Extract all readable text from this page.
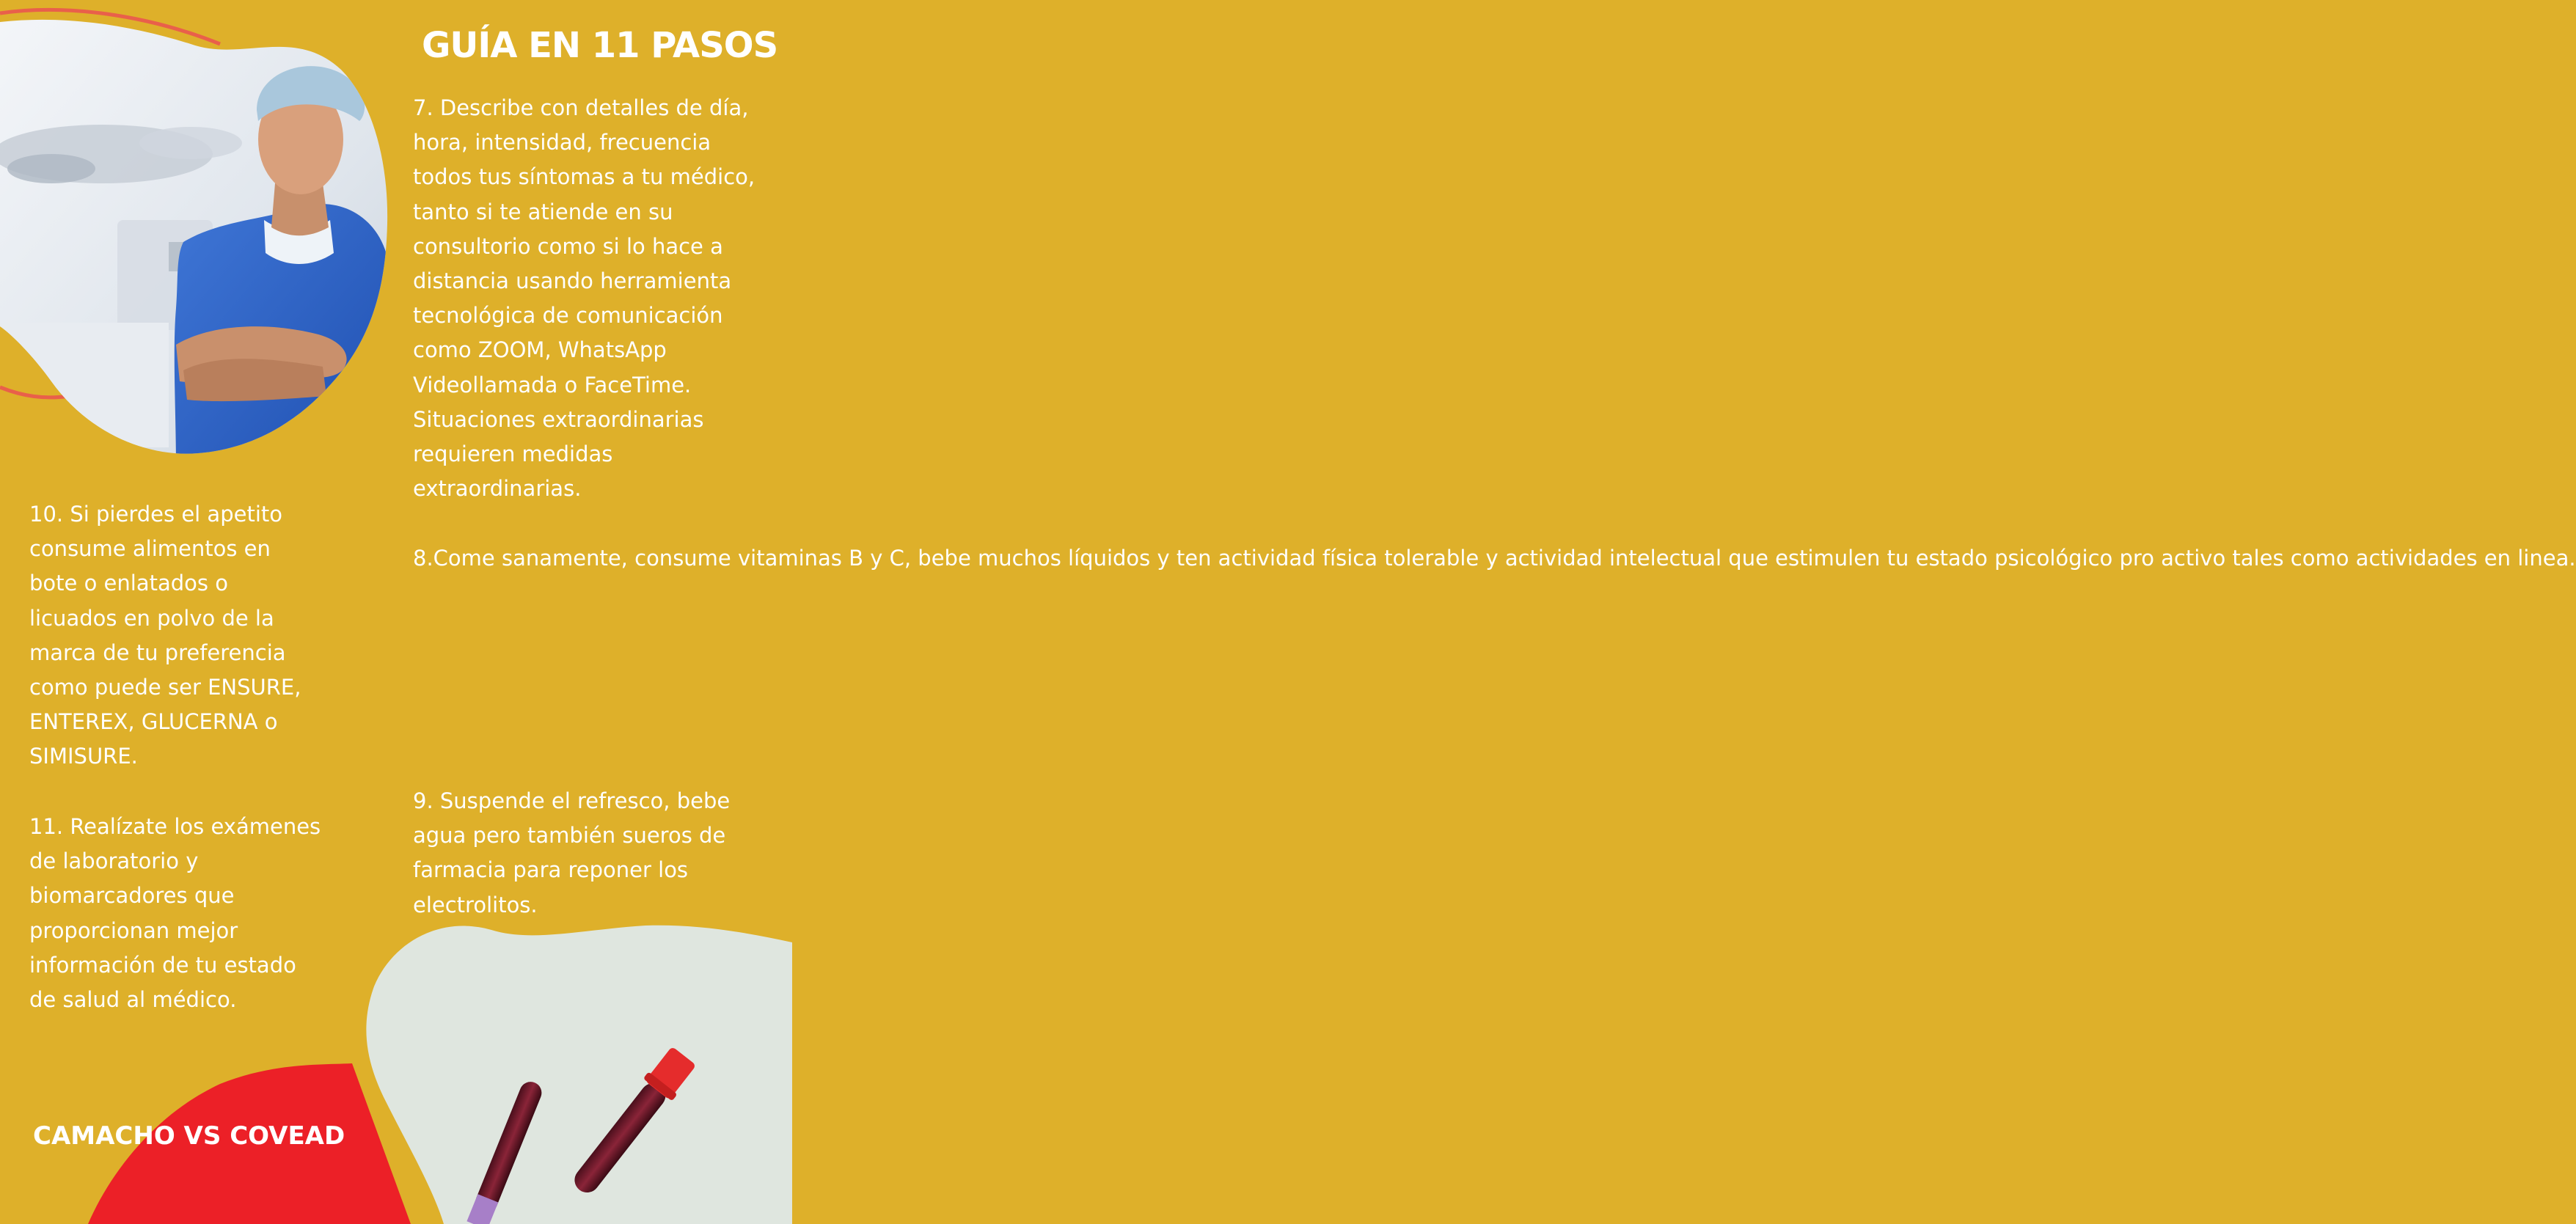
GUÍA EN 11 PASOS

7. Describe con detalles de día,
hora, intensidad, frecuencia
todos tus síntomas a tu médico,
tanto si te atiende en su
consultorio como si lo hace a
distancia usando herramienta
tecnológica de comunicación
como ZOOM, WhatsApp
Videollamada o FaceTime.
Situaciones extraordinarias
requieren medidas
extraordinarias.

8.Come sanamente, consume vitaminas B y C, bebe muchos líquidos y ten actividad física tolerable y actividad intelectual que estimulen tu estado psicológico pro activo tales como actividades en linea.

9. Suspende el refresco, bebe
agua pero también sueros de
farmacia para reponer los
electrolitos.

10. Si pierdes el apetito
consume alimentos en
bote o enlatados o
licuados en polvo de la
marca de tu preferencia
como puede ser ENSURE,
ENTEREX, GLUCERNA o
SIMISURE.

11. Realízate los exámenes
de laboratorio y
biomarcadores que
proporcionan mejor
información de tu estado
de salud al médico.

CAMACHO VS COVEAD
